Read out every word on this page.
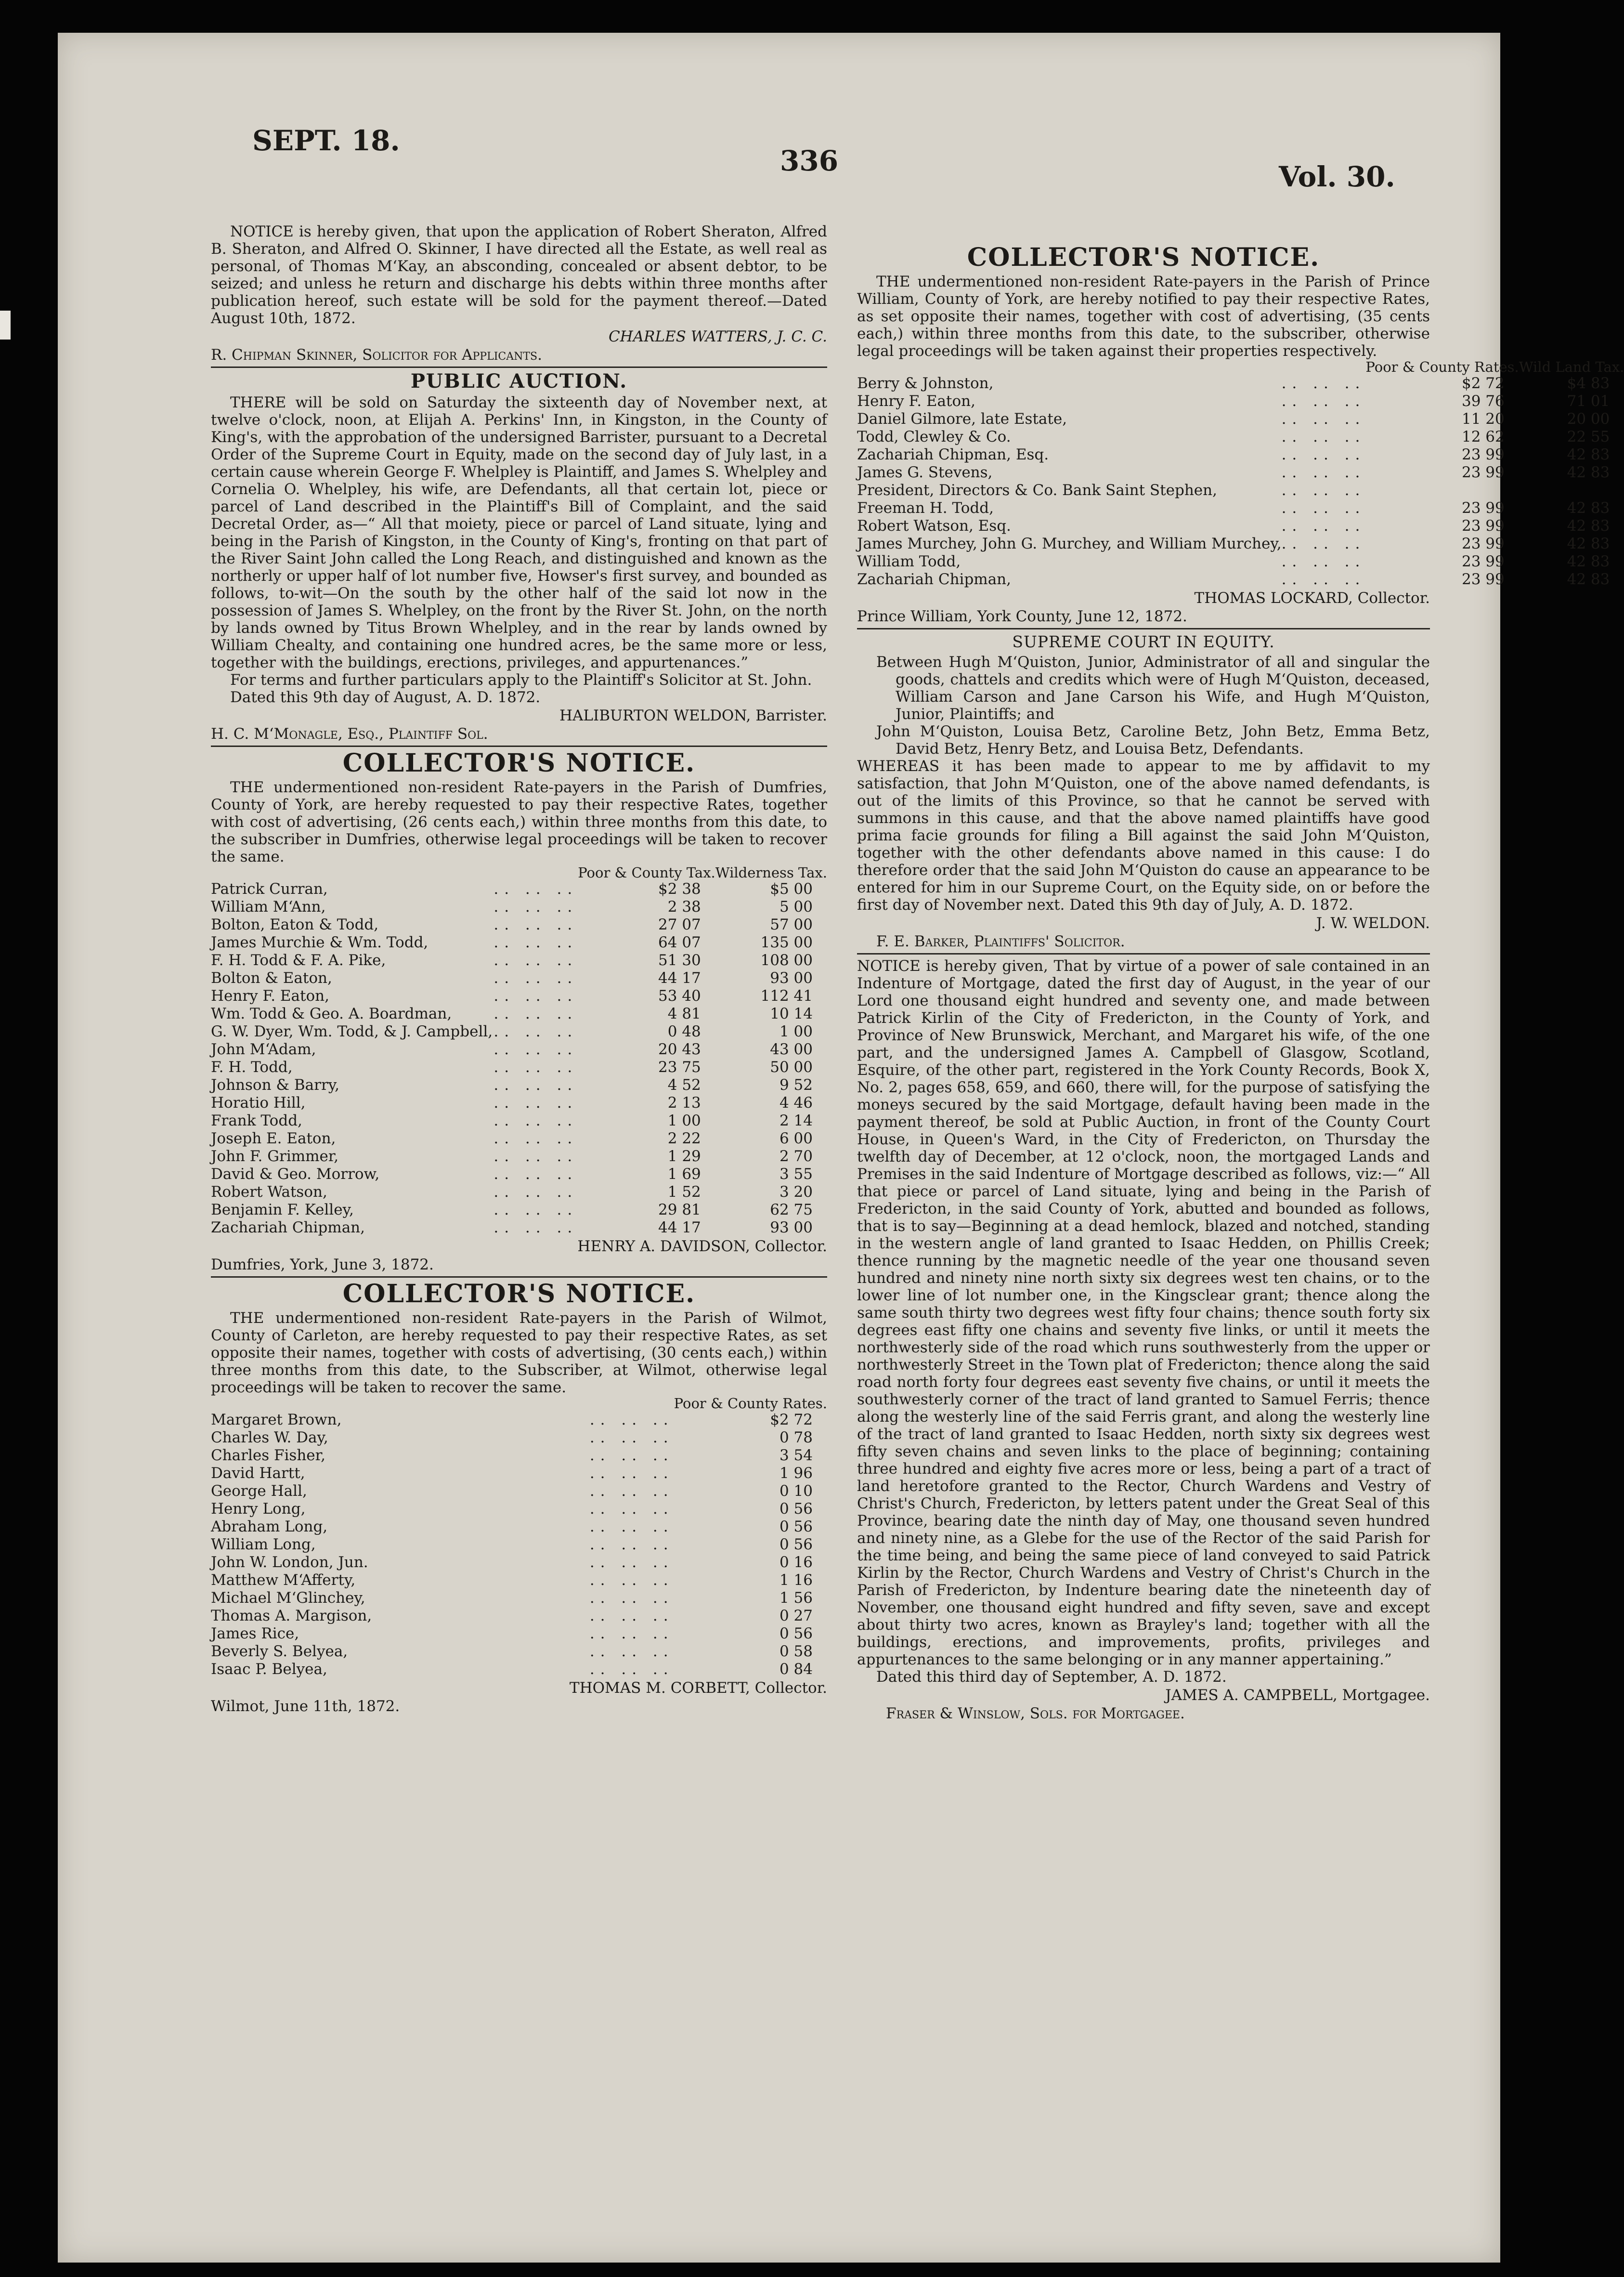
SEPT. 18.
336	Vol. 30.

NOTICE is hereby given, that upon the application of Robert Sheraton, Alfred B. Sheraton, and Alfred O. Skinner, I have directed all the Estate, as well real as personal, of Thomas M‘Kay, an absconding, concealed or absent debtor, to be seized; and unless he return and discharge his debts within three months after publication hereof, such estate will be sold for the payment thereof.—Dated August 10th, 1872.

CHARLES WATTERS, J. C. C.
R. Chipman Skinner, Solicitor for Applicants.
PUBLIC AUCTION.

THERE will be sold on Saturday the sixteenth day of November next, at twelve o'clock, noon, at Elijah A. Perkins' Inn, in Kingston, in the County of King's, with the approbation of the undersigned Barrister, pursuant to a Decretal Order of the Supreme Court in Equity, made on the second day of July last, in a certain cause wherein George F. Whelpley is Plaintiff, and James S. Whelpley and Cornelia O. Whelpley, his wife, are Defendants, all that certain lot, piece or parcel of Land described in the Plaintiff's Bill of Complaint, and the said Decretal Order, as—“ All that moiety, piece or parcel of Land situate, lying and being in the Parish of Kingston, in the County of King's, fronting on that part of the River Saint John called the Long Reach, and distinguished and known as the northerly or upper half of lot number five, Howser's first survey, and bounded as follows, to-wit—On the south by the other half of the said lot now in the possession of James S. Whelpley, on the front by the River St. John, on the north by lands owned by Titus Brown Whelpley, and in the rear by lands owned by William Chealty, and containing one hundred acres, be the same more or less, together with the buildings, erections, privileges, and appurtenances.”

For terms and further particulars apply to the Plaintiff's Solicitor at St. John.

Dated this 9th day of August, A. D. 1872.

HALIBURTON WELDON, Barrister.
H. C. M‘Monagle, Esq., Plaintiff Sol.
COLLECTOR'S NOTICE.

THE undermentioned non-resident Rate-payers in the Parish of Dumfries, County of York, are hereby requested to pay their respective Rates, together with cost of advertising, (26 cents each,) within three months from this date, to the subscriber in Dumfries, otherwise legal proceedings will be taken to recover the same.

		Poor & County Tax.	Wilderness Tax.
Patrick Curran,	.. .. ..	$2 38	$5 00
William M‘Ann,	.. .. ..	2 38	5 00
Bolton, Eaton & Todd,	.. .. ..	27 07	57 00
James Murchie & Wm. Todd,	.. .. ..	64 07	135 00
F. H. Todd & F. A. Pike,	.. .. ..	51 30	108 00
Bolton & Eaton,	.. .. ..	44 17	93 00
Henry F. Eaton,	.. .. ..	53 40	112 41
Wm. Todd & Geo. A. Boardman,	.. .. ..	4 81	10 14
G. W. Dyer, Wm. Todd, & J. Campbell,	.. .. ..	0 48	1 00
John M‘Adam,	.. .. ..	20 43	43 00
F. H. Todd,	.. .. ..	23 75	50 00
Johnson & Barry,	.. .. ..	4 52	9 52
Horatio Hill,	.. .. ..	2 13	4 46
Frank Todd,	.. .. ..	1 00	2 14
Joseph E. Eaton,	.. .. ..	2 22	6 00
John F. Grimmer,	.. .. ..	1 29	2 70
David & Geo. Morrow,	.. .. ..	1 69	3 55
Robert Watson,	.. .. ..	1 52	3 20
Benjamin F. Kelley,	.. .. ..	29 81	62 75
Zachariah Chipman,	.. .. ..	44 17	93 00
HENRY A. DAVIDSON, Collector.
Dumfries, York, June 3, 1872.
COLLECTOR'S NOTICE.

THE undermentioned non-resident Rate-payers in the Parish of Wilmot, County of Carleton, are hereby requested to pay their respective Rates, as set opposite their names, together with costs of advertising, (30 cents each,) within three months from this date, to the Subscriber, at Wilmot, otherwise legal proceedings will be taken to recover the same.

		Poor & County Rates.
Margaret Brown,	.. .. ..	$2 72
Charles W. Day,	.. .. ..	0 78
Charles Fisher,	.. .. ..	3 54
David Hartt,	.. .. ..	1 96
George Hall,	.. .. ..	0 10
Henry Long,	.. .. ..	0 56
Abraham Long,	.. .. ..	0 56
William Long,	.. .. ..	0 56
John W. London, Jun.	.. .. ..	0 16
Matthew M‘Afferty,	.. .. ..	1 16
Michael M‘Glinchey,	.. .. ..	1 56
Thomas A. Margison,	.. .. ..	0 27
James Rice,	.. .. ..	0 56
Beverly S. Belyea,	.. .. ..	0 58
Isaac P. Belyea,	.. .. ..	0 84
THOMAS M. CORBETT, Collector.
Wilmot, June 11th, 1872.
COLLECTOR'S NOTICE.

THE undermentioned non-resident Rate-payers in the Parish of Prince William, County of York, are hereby notified to pay their respective Rates, as set opposite their names, together with cost of advertising, (35 cents each,) within three months from this date, to the subscriber, otherwise legal proceedings will be taken against their properties respectively.

		Poor & County Rates.	Wild Land Tax.
Berry & Johnston,	.. .. ..	$2 72	$4 83
Henry F. Eaton,	.. .. ..	39 76	71 01
Daniel Gilmore, late Estate,	.. .. ..	11 20	20 00
Todd, Clewley & Co.	.. .. ..	12 62	22 55
Zachariah Chipman, Esq.	.. .. ..	23 99	42 83
James G. Stevens,	.. .. ..	23 99	42 83
President, Directors & Co. Bank Saint Stephen,	.. .. ..		
Freeman H. Todd,	.. .. ..	23 99	42 83
Robert Watson, Esq.	.. .. ..	23 99	42 83
James Murchey, John G. Murchey, and William Murchey,	.. .. ..	23 99	42 83
William Todd,	.. .. ..	23 99	42 83
Zachariah Chipman,	.. .. ..	23 99	42 83
THOMAS LOCKARD, Collector.
Prince William, York County, June 12, 1872.
SUPREME COURT IN EQUITY.

Between Hugh M‘Quiston, Junior, Administrator of all and singular the goods, chattels and credits which were of Hugh M‘Quiston, deceased, William Carson and Jane Carson his Wife, and Hugh M‘Quiston, Junior, Plaintiffs; and

John M‘Quiston, Louisa Betz, Caroline Betz, John Betz, Emma Betz, David Betz, Henry Betz, and Louisa Betz, Defendants.

WHEREAS it has been made to appear to me by affidavit to my satisfaction, that John M‘Quiston, one of the above named defendants, is out of the limits of this Province, so that he cannot be served with summons in this cause, and that the above named plaintiffs have good prima facie grounds for filing a Bill against the said John M‘Quiston, together with the other defendants above named in this cause: I do therefore order that the said John M‘Quiston do cause an appearance to be entered for him in our Supreme Court, on the Equity side, on or before the first day of November next. Dated this 9th day of July, A. D. 1872.

J. W. WELDON.
F. E. Barker, Plaintiffs' Solicitor.

NOTICE is hereby given, That by virtue of a power of sale contained in an Indenture of Mortgage, dated the first day of August, in the year of our Lord one thousand eight hundred and seventy one, and made between Patrick Kirlin of the City of Fredericton, in the County of York, and Province of New Brunswick, Merchant, and Margaret his wife, of the one part, and the undersigned James A. Campbell of Glasgow, Scotland, Esquire, of the other part, registered in the York County Records, Book X, No. 2, pages 658, 659, and 660, there will, for the purpose of satisfying the moneys secured by the said Mortgage, default having been made in the payment thereof, be sold at Public Auction, in front of the County Court House, in Queen's Ward, in the City of Fredericton, on Thursday the twelfth day of December, at 12 o'clock, noon, the mortgaged Lands and Premises in the said Indenture of Mortgage described as follows, viz:—“ All that piece or parcel of Land situate, lying and being in the Parish of Fredericton, in the said County of York, abutted and bounded as follows, that is to say—Beginning at a dead hemlock, blazed and notched, standing in the western angle of land granted to Isaac Hedden, on Phillis Creek; thence running by the magnetic needle of the year one thousand seven hundred and ninety nine north sixty six degrees west ten chains, or to the lower line of lot number one, in the Kingsclear grant; thence along the same south thirty two degrees west fifty four chains; thence south forty six degrees east fifty one chains and seventy five links, or until it meets the northwesterly side of the road which runs southwesterly from the upper or northwesterly Street in the Town plat of Fredericton; thence along the said road north forty four degrees east seventy five chains, or until it meets the southwesterly corner of the tract of land granted to Samuel Ferris; thence along the westerly line of the said Ferris grant, and along the westerly line of the tract of land granted to Isaac Hedden, north sixty six degrees west fifty seven chains and seven links to the place of beginning; containing three hundred and eighty five acres more or less, being a part of a tract of land heretofore granted to the Rector, Church Wardens and Vestry of Christ's Church, Fredericton, by letters patent under the Great Seal of this Province, bearing date the ninth day of May, one thousand seven hundred and ninety nine, as a Glebe for the use of the Rector of the said Parish for the time being, and being the same piece of land conveyed to said Patrick Kirlin by the Rector, Church Wardens and Vestry of Christ's Church in the Parish of Fredericton, by Indenture bearing date the nineteenth day of November, one thousand eight hundred and fifty seven, save and except about thirty two acres, known as Brayley's land; together with all the buildings, erections, and improvements, profits, privileges and appurtenances to the same belonging or in any manner appertaining.”

Dated this third day of September, A. D. 1872.

JAMES A. CAMPBELL, Mortgagee.
Fraser & Winslow, Sols. for Mortgagee.
